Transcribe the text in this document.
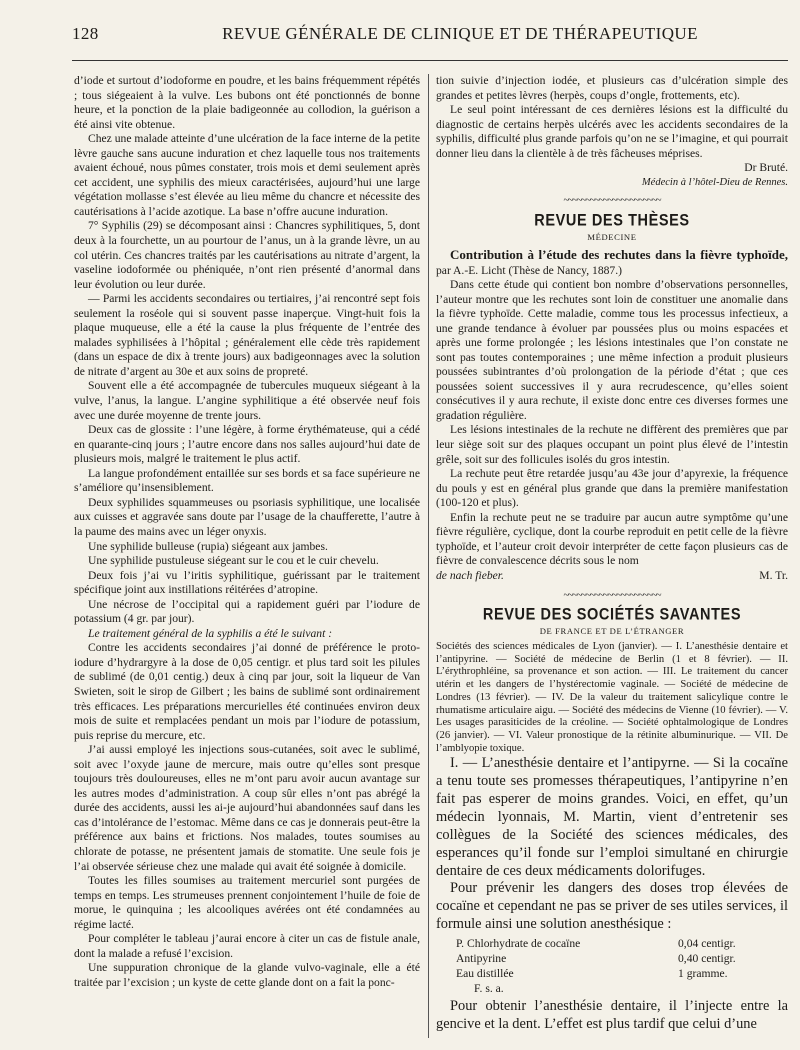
128	REVUE GÉNÉRALE DE CLINIQUE ET DE THÉRAPEUTIQUE

d’iode et surtout d’iodoforme en poudre, et les bains fréquemment répétés ; tous siégeaient à la vulve. Les bubons ont été ponctionnés de bonne heure, et la ponction de la plaie badigeonnée au collodion, la guérison a été ainsi vite obtenue.

Chez une malade atteinte d’une ulcération de la face interne de la petite lèvre gauche sans aucune induration et chez laquelle tous nos traitements avaient échoué, nous pûmes constater, trois mois et demi seulement après cet accident, une syphilis des mieux caractérisées, aujourd’hui une large végétation mollasse s’est élevée au lieu même du chancre et nécessite des cautérisations à l’acide azotique. La base n’offre aucune induration.

7° Syphilis (29) se décomposant ainsi : Chancres syphilitiques, 5, dont deux à la fourchette, un au pourtour de l’anus, un à la grande lèvre, un au col utérin. Ces chancres traités par les cautérisations au nitrate d’argent, la vaseline iodoformée ou phéniquée, n’ont rien présenté d’anormal dans leur évolution ou leur durée.

— Parmi les accidents secondaires ou tertiaires, j’ai rencontré sept fois seulement la roséole qui si souvent passe inaperçue. Vingt-huit fois la plaque muqueuse, elle a été la cause la plus fréquente de l’entrée des malades syphilisées à l’hôpital ; généralement elle cède très rapidement (dans un espace de dix à trente jours) aux badigeonnages avec la solution de nitrate d’argent au 30e et aux soins de propreté.

Souvent elle a été accompagnée de tubercules muqueux siégeant à la vulve, l’anus, la langue. L’angine syphilitique a été observée neuf fois avec une durée moyenne de trente jours.

Deux cas de glossite : l’une légère, à forme érythémateuse, qui a cédé en quarante-cinq jours ; l’autre encore dans nos salles aujourd’hui date de plusieurs mois, malgré le traitement le plus actif.

La langue profondément entaillée sur ses bords et sa face supérieure ne s’améliore qu’insensiblement.

Deux syphilides squammeuses ou psoriasis syphilitique, une localisée aux cuisses et aggravée sans doute par l’usage de la chaufferette, l’autre à la paume des mains avec un léger onyxis.

Une syphilide bulleuse (rupia) siégeant aux jambes.

Une syphilide pustuleuse siégeant sur le cou et le cuir chevelu.

Deux fois j’ai vu l’iritis syphilitique, guérissant par le traitement spécifique joint aux instillations réitérées d’atropine.

Une nécrose de l’occipital qui a rapidement guéri par l’iodure de potassium (4 gr. par jour).

Le traitement général de la syphilis a été le suivant :

Contre les accidents secondaires j’ai donné de préférence le proto-iodure d’hydrargyre à la dose de 0,05 centigr. et plus tard soit les pilules de sublimé (de 0,01 centig.) deux à cinq par jour, soit la liqueur de Van Swieten, soit le sirop de Gilbert ; les bains de sublimé sont ordinairement très efficaces. Les préparations mercurielles été continuées environ deux mois de suite et remplacées pendant un mois par l’iodure de potassium, puis reprise du mercure, etc.

J’ai aussi employé les injections sous-cutanées, soit avec le sublimé, soit avec l’oxyde jaune de mercure, mais outre qu’elles sont presque toujours très douloureuses, elles ne m’ont paru avoir aucun avantage sur les autres modes d’administration. A coup sûr elles n’ont pas abrégé la durée des accidents, aussi les ai-je aujourd’hui abandonnées sauf dans les cas d’intolérance de l’estomac. Même dans ce cas je donnerais peut-être la préférence aux bains et frictions. Nos malades, toutes soumises au chlorate de potasse, ne présentent jamais de stomatite. Une seule fois je l’ai observée sérieuse chez une malade qui avait été soignée à domicile.

Toutes les filles soumises au traitement mercuriel sont purgées de temps en temps. Les strumeuses prennent conjointement l’huile de foie de morue, le quinquina ; les alcooliques avérées ont été condamnées au régime lacté.

Pour compléter le tableau j’aurai encore à citer un cas de fistule anale, dont la malade a refusé l’excision.

Une suppuration chronique de la glande vulvo-vaginale, elle a été traitée par l’excision ; un kyste de cette glande dont on a fait la ponc-

tion suivie d’injection iodée, et plusieurs cas d’ulcération simple des grandes et petites lèvres (herpès, coups d’ongle, frottements, etc).

Le seul point intéressant de ces dernières lésions est la difficulté du diagnostic de certains herpès ulcérés avec les accidents secondaires de la syphilis, difficulté plus grande parfois qu’on ne se l’imagine, et qui pourrait donner lieu dans la clientèle à de très fâcheuses méprises.

Dr Bruté.
Médecin à l’hôtel-Dieu de Rennes.
~~~~~~~~~~~~~~~~~~~~~~
REVUE DES THÈSES
MÉDECINE

Contribution à l’étude des rechutes dans la fièvre typhoïde, par A.-E. Licht (Thèse de Nancy, 1887.)

Dans cette étude qui contient bon nombre d’observations personnelles, l’auteur montre que les rechutes sont loin de constituer une anomalie dans la fièvre typhoïde. Cette maladie, comme tous les processus infectieux, a une grande tendance à évoluer par poussées plus ou moins espacées et après une forme prolongée ; les lésions intestinales que l’on constate ne sont pas toutes contemporaines ; une même infection a produit plusieurs poussées subintrantes d’où prolongation de la période d’état ; que ces poussées soient successives il y aura recrudescence, qu’elles soient consécutives il y aura rechute, il existe donc entre ces diverses formes une gradation régulière.

Les lésions intestinales de la rechute ne diffèrent des premières que par leur siège soit sur des plaques occupant un point plus élevé de l’intestin grêle, soit sur des follicules isolés du gros intestin.

La rechute peut être retardée jusqu’au 43e jour d’apyrexie, la fréquence du pouls y est en général plus grande que dans la première manifestation (100-120 et plus).

Enfin la rechute peut ne se traduire par aucun autre symptôme qu’une fièvre régulière, cyclique, dont la courbe reproduit en petit celle de la fièvre typhoïde, et l’auteur croit devoir interpréter de cette façon plusieurs cas de fièvre de convalescence décrits sous le nom

de nach fieber.	M. Tr.
~~~~~~~~~~~~~~~~~~~~~~
REVUE DES SOCIÉTÉS SAVANTES
DE FRANCE ET DE L’ÉTRANGER

Sociétés des sciences médicales de Lyon (janvier). — I. L’anesthésie dentaire et l’antipyrine. — Société de médecine de Berlin (1 et 8 février). — II. L’érythrophléine, sa provenance et son action. — III. Le traitement du cancer utérin et les dangers de l’hystérectomie vaginale. — Société de médecine de Londres (13 février). — IV. De la valeur du traitement salicylique contre le rhumatisme articulaire aigu. — Société des médecins de Vienne (10 février). — V. Les usages parasiticides de la créoline. — Société ophtalmologique de Londres (26 janvier). — VI. Valeur pronostique de la rétinite albuminurique. — VII. De l’amblyopie toxique.

I. — L’anesthésie dentaire et l’antipyrne. — Si la cocaïne a tenu toute ses promesses thérapeutiques, l’antipyrine n’en fait pas esperer de moins grandes. Voici, en effet, qu’un médecin lyonnais, M. Martin, vient d’entretenir ses collègues de la Société des sciences médicales, des esperances qu’il fonde sur l’emploi simultané en chirurgie dentaire de ces deux médicaments dolorifuges.

Pour prévenir les dangers des doses trop élevées de cocaïne et cependant ne pas se priver de ses utiles services, il formule ainsi une solution anesthésique :

P. Chlorhydrate de cocaïne	0,04 centigr.
Antipyrine	0,40 centigr.
Eau distillée	1 gramme.
F. s. a.

Pour obtenir l’anesthésie dentaire, il l’injecte entre la gencive et la dent. L’effet est plus tardif que celui d’une
